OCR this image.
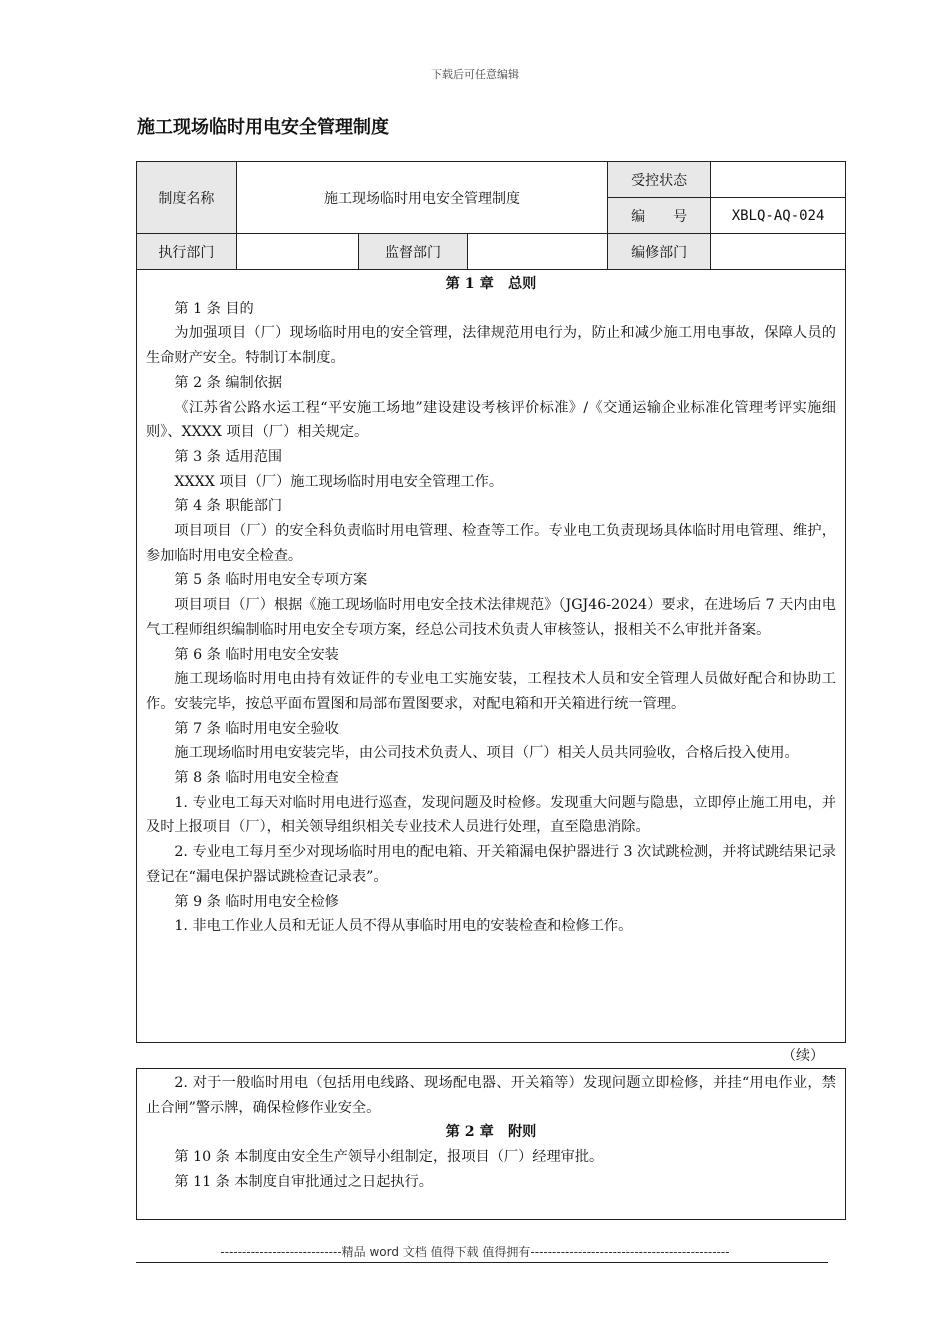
下载后可任意编辑
施工现场临时用电安全管理制度
制度名称	施工现场临时用电安全管理制度			受控状态	
				编　　号	XBLQ-AQ-024
执行部门		监督部门		编修部门	

第 1 章　总则

第 1 条 目的

为加强项目（厂）现场临时用电的安全管理，法律规范用电行为，防止和减少施工用电事故，保障人员的生命财产安全。特制订本制度。

第 2 条 编制依据

《江苏省公路水运工程“平安施工场地”建设建设考核评价标准》/《交通运输企业标准化管理考评实施细则》、XXXX 项目（厂）相关规定。

第 3 条 适用范围

XXXX 项目（厂）施工现场临时用电安全管理工作。

第 4 条 职能部门

项目项目（厂）的安全科负责临时用电管理、检查等工作。专业电工负责现场具体临时用电管理、维护，参加临时用电安全检查。

第 5 条 临时用电安全专项方案

项目项目（厂）根据《施工现场临时用电安全技术法律规范》（JGJ46-2024）要求，在进场后 7 天内由电气工程师组织编制临时用电安全专项方案，经总公司技术负责人审核签认，报相关不么审批并备案。

第 6 条 临时用电安全安装

施工现场临时用电由持有效证件的专业电工实施安装，工程技术人员和安全管理人员做好配合和协助工作。安装完毕，按总平面布置图和局部布置图要求，对配电箱和开关箱进行统一管理。

第 7 条 临时用电安全验收

施工现场临时用电安装完毕，由公司技术负责人、项目（厂）相关人员共同验收，合格后投入使用。

第 8 条 临时用电安全检查

1. 专业电工每天对临时用电进行巡查，发现问题及时检修。发现重大问题与隐患，立即停止施工用电，并及时上报项目（厂），相关领导组织相关专业技术人员进行处理，直至隐患消除。

2. 专业电工每月至少对现场临时用电的配电箱、开关箱漏电保护器进行 3 次试跳检测，并将试跳结果记录登记在“漏电保护器试跳检查记录表”。

第 9 条 临时用电安全检修

1. 非电工作业人员和无证人员不得从事临时用电的安装检查和检修工作。

（续）

2. 对于一般临时用电（包括用电线路、现场配电器、开关箱等）发现问题立即检修，并挂“用电作业，禁止合闸”警示牌，确保检修作业安全。

第 2 章　附则

第 10 条 本制度由安全生产领导小组制定，报项目（厂）经理审批。

第 11 条 本制度自审批通过之日起执行。

----------------------------精品 word 文档 值得下载 值得拥有----------------------------------------------
